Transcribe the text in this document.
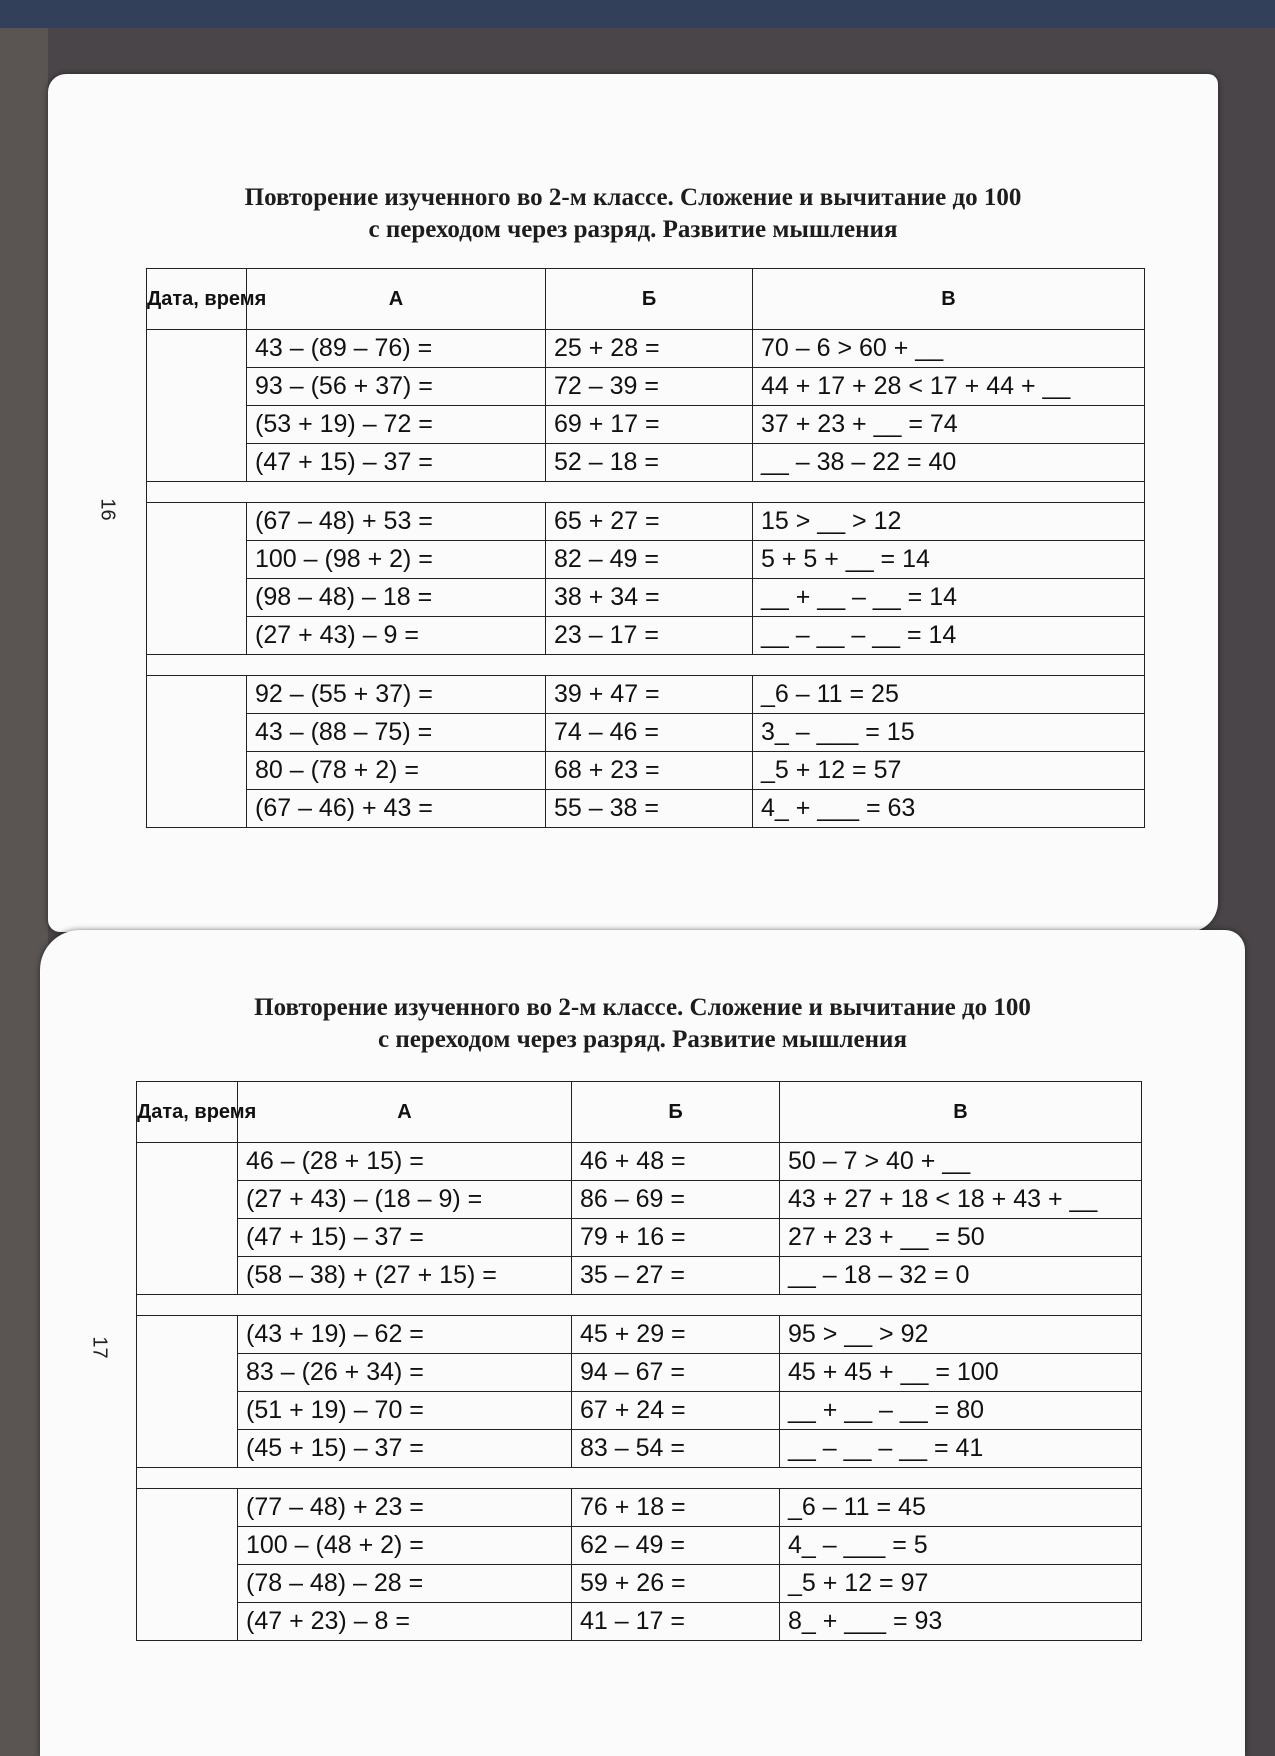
Повторение изученного во 2-м классе. Сложение и вычитание до 100
с переходом через разряд. Развитие мышления
16
Дата, время	А	Б	В
	43 – (89 – 76) =	25 + 28 =	70 – 6 > 60 + __
	93 – (56 + 37) =	72 – 39 =	44 + 17 + 28 < 17 + 44 + __
	(53 + 19) – 72 =	69 + 17 =	37 + 23 + __ = 74
	(47 + 15) – 37 =	52 – 18 =	__ – 38 – 22 = 40

	(67 – 48) + 53 =	65 + 27 =	15 > __ > 12
	100 – (98 + 2) =	82 – 49 =	5 + 5 + __ = 14
	(98 – 48) – 18 =	38 + 34 =	__ + __ – __ = 14
	(27 + 43) – 9 =	23 – 17 =	__ – __ – __ = 14

	92 – (55 + 37) =	39 + 47 =	_6 – 11 = 25
	43 – (88 – 75) =	74 – 46 =	3_ – ___ = 15
	80 – (78 + 2) =	68 + 23 =	_5 + 12 = 57
	(67 – 46) + 43 =	55 – 38 =	4_ + ___ = 63
Повторение изученного во 2-м классе. Сложение и вычитание до 100
с переходом через разряд. Развитие мышления
17
Дата, время	А	Б	В
	46 – (28 + 15) =	46 + 48 =	50 – 7 > 40 + __
	(27 + 43) – (18 – 9) =	86 – 69 =	43 + 27 + 18 < 18 + 43 + __
	(47 + 15) – 37 =	79 + 16 =	27 + 23 + __ = 50
	(58 – 38) + (27 + 15) =	35 – 27 =	__ – 18 – 32 = 0

	(43 + 19) – 62 =	45 + 29 =	95 > __ > 92
	83 – (26 + 34) =	94 – 67 =	45 + 45 + __ = 100
	(51 + 19) – 70 =	67 + 24 =	__ + __ – __ = 80
	(45 + 15) – 37 =	83 – 54 =	__ – __ – __ = 41

	(77 – 48) + 23 =	76 + 18 =	_6 – 11 = 45
	100 – (48 + 2) =	62 – 49 =	4_ – ___ = 5
	(78 – 48) – 28 =	59 + 26 =	_5 + 12 = 97
	(47 + 23) – 8 =	41 – 17 =	8_ + ___ = 93
